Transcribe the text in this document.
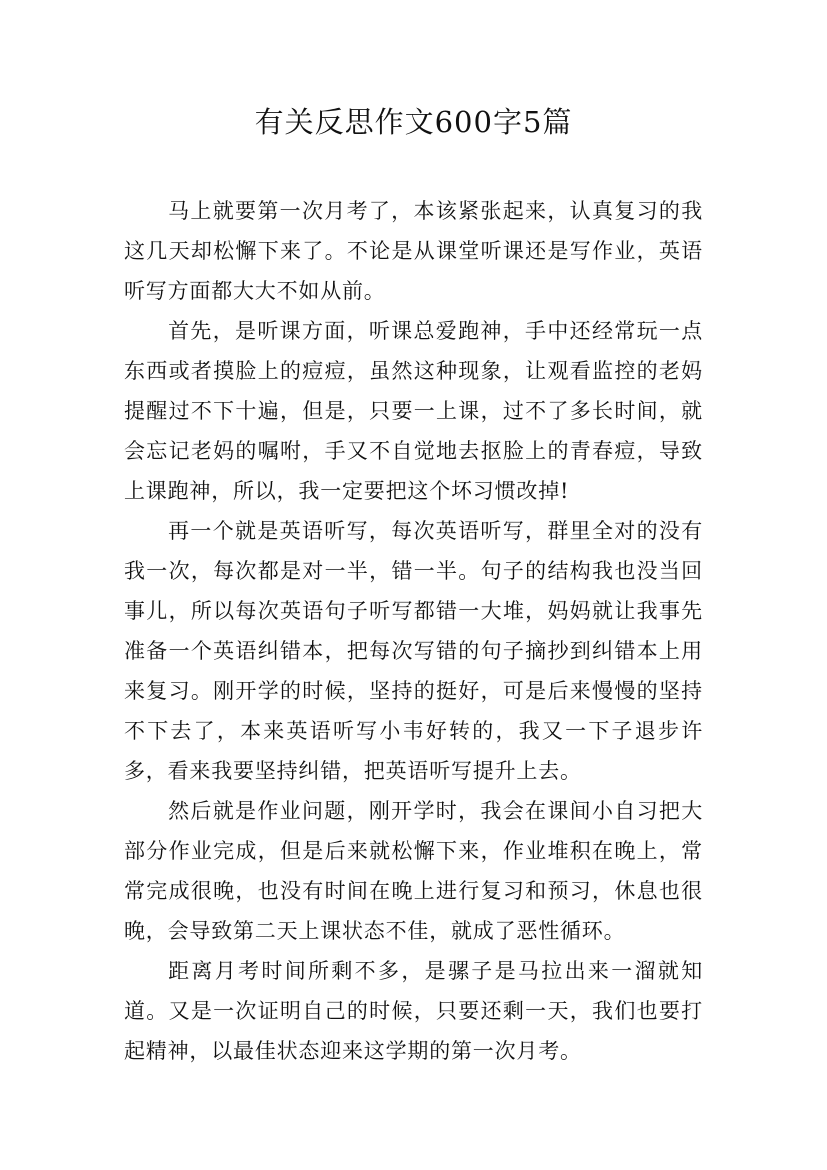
有关反思作文600字5篇

马上就要第一次月考了，本该紧张起来，认真复习的我这几天却松懈下来了。不论是从课堂听课还是写作业，英语听写方面都大大不如从前。

首先，是听课方面，听课总爱跑神，手中还经常玩一点东西或者摸脸上的痘痘，虽然这种现象，让观看监控的老妈提醒过不下十遍，但是，只要一上课，过不了多长时间，就会忘记老妈的嘱咐，手又不自觉地去抠脸上的青春痘，导致上课跑神，所以，我一定要把这个坏习惯改掉!

再一个就是英语听写，每次英语听写，群里全对的没有我一次，每次都是对一半，错一半。句子的结构我也没当回事儿，所以每次英语句子听写都错一大堆，妈妈就让我事先准备一个英语纠错本，把每次写错的句子摘抄到纠错本上用来复习。刚开学的时候，坚持的挺好，可是后来慢慢的坚持不下去了，本来英语听写小韦好转的，我又一下子退步许多，看来我要坚持纠错，把英语听写提升上去。

然后就是作业问题，刚开学时，我会在课间小自习把大部分作业完成，但是后来就松懈下来，作业堆积在晚上，常常完成很晚，也没有时间在晚上进行复习和预习，休息也很晚，会导致第二天上课状态不佳，就成了恶性循环。

距离月考时间所剩不多，是骡子是马拉出来一溜就知道。又是一次证明自己的时候，只要还剩一天，我们也要打起精神，以最佳状态迎来这学期的第一次月考。
